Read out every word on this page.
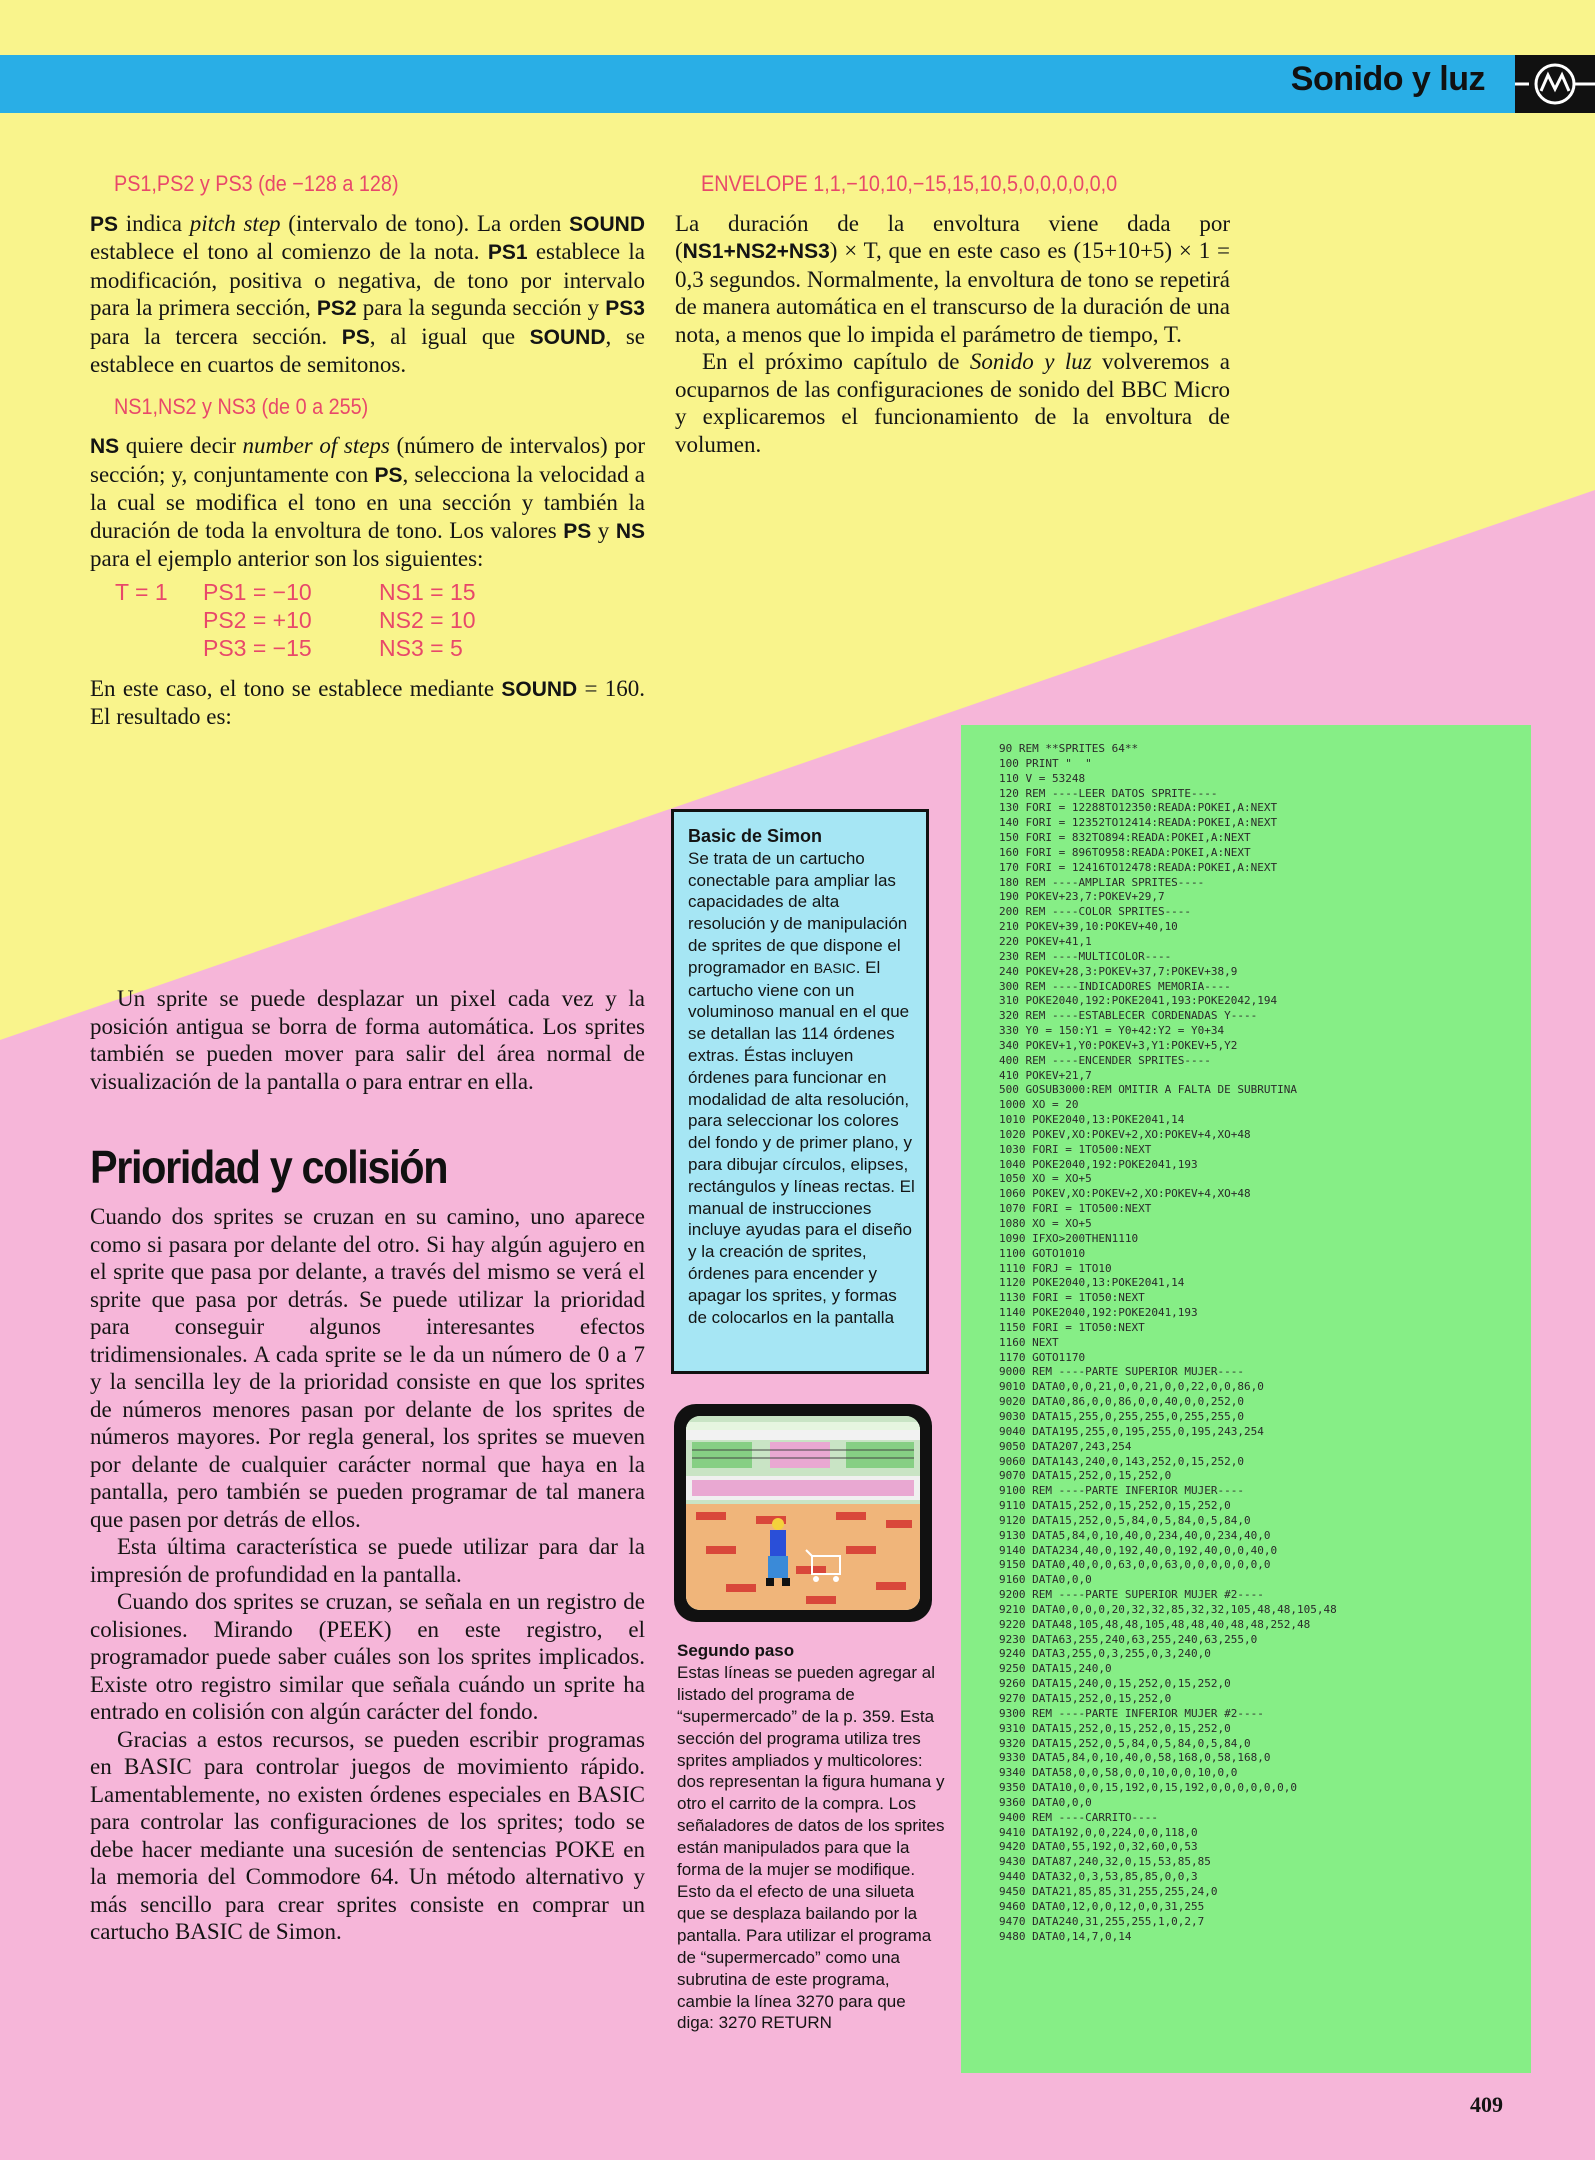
Sonido y luz
PS1,PS2 y PS3 (de −128 a 128)

PS indica pitch step (intervalo de tono). La orden SOUND establece el tono al comienzo de la nota. PS1 establece la modificación, positiva o negativa, de tono por intervalo para la primera sección, PS2 para la segunda sección y PS3 para la tercera sección. PS, al igual que SOUND, se establece en cuartos de semitonos.

NS1,NS2 y NS3 (de 0 a 255)

NS quiere decir number of steps (número de intervalos) por sección; y, conjuntamente con PS, selecciona la velocidad a la cual se modifica el tono en una sección y también la duración de toda la envoltura de tono. Los valores PS y NS para el ejemplo anterior son los siguientes:

T = 1 PS1 = −10
PS2 = +10
PS3 = −15
NS1 = 15
NS2 = 10
NS3 = 5

En este caso, el tono se establece mediante SOUND = 160. El resultado es:

ENVELOPE 1,1,−10,10,−15,15,10,5,0,0,0,0,0,0

La duración de la envoltura viene dada por (NS1+NS2+NS3) × T, que en este caso es (15+10+5) × 1 = 0,3 segundos. Normalmente, la envoltura de tono se repetirá de manera automática en el transcurso de la duración de una nota, a menos que lo impida el parámetro de tiempo, T.

En el próximo capítulo de Sonido y luz volveremos a ocuparnos de las configuraciones de sonido del BBC Micro y explicaremos el funcionamiento de la envoltura de volumen.

Un sprite se puede desplazar un pixel cada vez y la posición antigua se borra de forma automática. Los sprites también se pueden mover para salir del área normal de visualización de la pantalla o para entrar en ella.

Prioridad y colisión

Cuando dos sprites se cruzan en su camino, uno aparece como si pasara por delante del otro. Si hay algún agujero en el sprite que pasa por delante, a través del mismo se verá el sprite que pasa por detrás. Se puede utilizar la prioridad para conseguir algunos interesantes efectos tridimensionales. A cada sprite se le da un número de 0 a 7 y la sencilla ley de la prioridad consiste en que los sprites de números menores pasan por delante de los sprites de números mayores. Por regla general, los sprites se mueven por delante de cualquier carácter normal que haya en la pantalla, pero también se pueden programar de tal manera que pasen por detrás de ellos.

Esta última característica se puede utilizar para dar la impresión de profundidad en la pantalla.

Cuando dos sprites se cruzan, se señala en un registro de colisiones. Mirando (PEEK) en este registro, el programador puede saber cuáles son los sprites implicados. Existe otro registro similar que señala cuándo un sprite ha entrado en colisión con algún carácter del fondo.

Gracias a estos recursos, se pueden escribir programas en BASIC para controlar juegos de movimiento rápido. Lamentablemente, no existen órdenes especiales en BASIC para controlar las configuraciones de los sprites; todo se debe hacer mediante una sucesión de sentencias POKE en la memoria del Commodore 64. Un método alternativo y más sencillo para crear sprites consiste en comprar un cartucho BASIC de Simon.

Basic de Simon
Se trata de un cartucho conectable para ampliar las capacidades de alta resolución y de manipulación de sprites de que dispone el programador en BASIC. El cartucho viene con un voluminoso manual en el que se detallan las 114 órdenes extras. Éstas incluyen órdenes para funcionar en modalidad de alta resolución, para seleccionar los colores del fondo y de primer plano, y para dibujar círculos, elipses, rectángulos y líneas rectas. El manual de instrucciones incluye ayudas para el diseño y la creación de sprites, órdenes para encender y apagar los sprites, y formas de colocarlos en la pantalla
Segundo paso
Estas líneas se pueden agregar al listado del programa de “supermercado” de la p. 359. Esta sección del programa utiliza tres sprites ampliados y multicolores: dos representan la figura humana y otro el carrito de la compra. Los señaladores de datos de los sprites están manipulados para que la forma de la mujer se modifique. Esto da el efecto de una silueta que se desplaza bailando por la pantalla. Para utilizar el programa de “supermercado” como una subrutina de este programa, cambie la línea 3270 para que diga: 3270 RETURN
90 REM **SPRITES 64**
100 PRINT "  "
110 V = 53248
120 REM ----LEER DATOS SPRITE----
130 FORI = 12288TO12350:READA:POKEI,A:NEXT
140 FORI = 12352TO12414:READA:POKEI,A:NEXT
150 FORI = 832TO894:READA:POKEI,A:NEXT
160 FORI = 896TO958:READA:POKEI,A:NEXT
170 FORI = 12416TO12478:READA:POKEI,A:NEXT
180 REM ----AMPLIAR SPRITES----
190 POKEV+23,7:POKEV+29,7
200 REM ----COLOR SPRITES----
210 POKEV+39,10:POKEV+40,10
220 POKEV+41,1
230 REM ----MULTICOLOR----
240 POKEV+28,3:POKEV+37,7:POKEV+38,9
300 REM ----INDICADORES MEMORIA----
310 POKE2040,192:POKE2041,193:POKE2042,194
320 REM ----ESTABLECER CORDENADAS Y----
330 Y0 = 150:Y1 = Y0+42:Y2 = Y0+34
340 POKEV+1,Y0:POKEV+3,Y1:POKEV+5,Y2
400 REM ----ENCENDER SPRITES----
410 POKEV+21,7
500 GOSUB3000:REM OMITIR A FALTA DE SUBRUTINA
1000 XO = 20
1010 POKE2040,13:POKE2041,14
1020 POKEV,XO:POKEV+2,XO:POKEV+4,XO+48
1030 FORI = 1TO500:NEXT
1040 POKE2040,192:POKE2041,193
1050 XO = XO+5
1060 POKEV,XO:POKEV+2,XO:POKEV+4,XO+48
1070 FORI = 1TO500:NEXT
1080 XO = XO+5
1090 IFXO>200THEN1110
1100 GOTO1010
1110 FORJ = 1TO10
1120 POKE2040,13:POKE2041,14
1130 FORI = 1TO50:NEXT
1140 POKE2040,192:POKE2041,193
1150 FORI = 1TO50:NEXT
1160 NEXT
1170 GOTO1170
9000 REM ----PARTE SUPERIOR MUJER----
9010 DATA0,0,0,21,0,0,21,0,0,22,0,0,86,0
9020 DATA0,86,0,0,86,0,0,40,0,0,252,0
9030 DATA15,255,0,255,255,0,255,255,0
9040 DATA195,255,0,195,255,0,195,243,254
9050 DATA207,243,254
9060 DATA143,240,0,143,252,0,15,252,0
9070 DATA15,252,0,15,252,0
9100 REM ----PARTE INFERIOR MUJER----
9110 DATA15,252,0,15,252,0,15,252,0
9120 DATA15,252,0,5,84,0,5,84,0,5,84,0
9130 DATA5,84,0,10,40,0,234,40,0,234,40,0
9140 DATA234,40,0,192,40,0,192,40,0,0,40,0
9150 DATA0,40,0,0,63,0,0,63,0,0,0,0,0,0,0
9160 DATA0,0,0
9200 REM ----PARTE SUPERIOR MUJER #2----
9210 DATA0,0,0,0,20,32,32,85,32,32,105,48,48,105,48
9220 DATA48,105,48,48,105,48,48,40,48,48,252,48
9230 DATA63,255,240,63,255,240,63,255,0
9240 DATA3,255,0,3,255,0,3,240,0
9250 DATA15,240,0
9260 DATA15,240,0,15,252,0,15,252,0
9270 DATA15,252,0,15,252,0
9300 REM ----PARTE INFERIOR MUJER #2----
9310 DATA15,252,0,15,252,0,15,252,0
9320 DATA15,252,0,5,84,0,5,84,0,5,84,0
9330 DATA5,84,0,10,40,0,58,168,0,58,168,0
9340 DATA58,0,0,58,0,0,10,0,0,10,0,0
9350 DATA10,0,0,15,192,0,15,192,0,0,0,0,0,0,0
9360 DATA0,0,0
9400 REM ----CARRITO----
9410 DATA192,0,0,224,0,0,118,0
9420 DATA0,55,192,0,32,60,0,53
9430 DATA87,240,32,0,15,53,85,85
9440 DATA32,0,3,53,85,85,0,0,3
9450 DATA21,85,85,31,255,255,24,0
9460 DATA0,12,0,0,12,0,0,31,255
9470 DATA240,31,255,255,1,0,2,7
9480 DATA0,14,7,0,14
409
